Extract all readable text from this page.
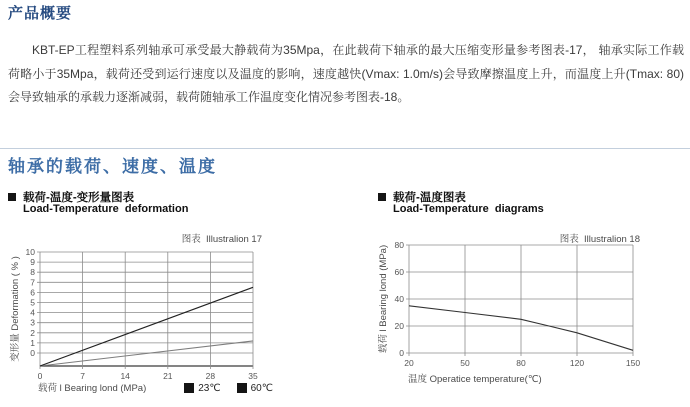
产品概要

KBT-EP工程塑料系列轴承可承受最大静载荷为35Mpa，在此载荷下轴承的最大压缩变形量参考图表-17， 轴承实际工作载荷略小于35Mpa，载荷还受到运行速度以及温度的影响，速度越快(Vmax: 1.0m/s)会导致摩擦温度上升，而温度上升(Tmax: 80)会导致轴承的承载力逐渐减弱，载荷随轴承工作温度变化情况参考图表-18。

轴承的载荷、速度、温度
载荷-温度-变形量图表
Load-Temperature  deformation
图表  Illustralion 17
0
1
2
3
4
5
6
7
8
9
10
0	7	14	21	28	35
变形量 Deformation ( % )
载荷 l Bearing lond (MPa)	23℃	60℃
载荷-温度图表
Load-Temperature  diagrams
图表  Illustralion 18
0
20
40
60
80
20	50	80	120	150
载荷 l Bearing lond (MPa)
温度 Operatice temperature(℃)
